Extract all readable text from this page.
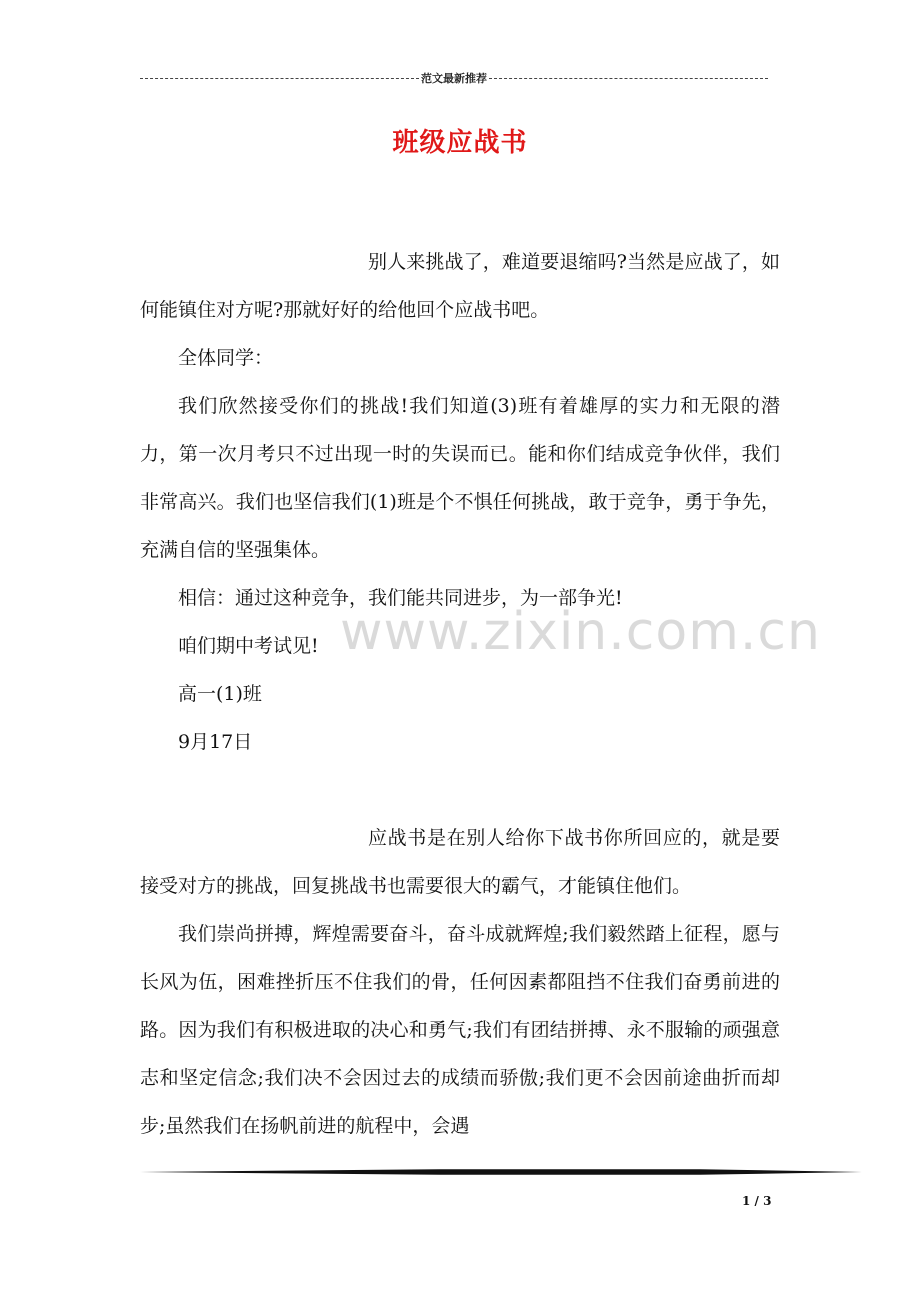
范文最新推荐
班级应战书

别人来挑战了，难道要退缩吗?当然是应战了，如何能镇住对方呢?那就好好的给他回个应战书吧。

全体同学：

我们欣然接受你们的挑战!我们知道(3)班有着雄厚的实力和无限的潜力，第一次月考只不过出现一时的失误而已。能和你们结成竞争伙伴，我们非常高兴。我们也坚信我们(1)班是个不惧任何挑战，敢于竞争，勇于争先，充满自信的坚强集体。

相信：通过这种竞争，我们能共同进步，为一部争光!

咱们期中考试见!

高一(1)班

9月17日

应战书是在别人给你下战书你所回应的，就是要接受对方的挑战，回复挑战书也需要很大的霸气，才能镇住他们。

我们崇尚拼搏，辉煌需要奋斗，奋斗成就辉煌;我们毅然踏上征程，愿与长风为伍，困难挫折压不住我们的骨，任何因素都阻挡不住我们奋勇前进的路。因为我们有积极进取的决心和勇气;我们有团结拼搏、永不服输的顽强意志和坚定信念;我们决不会因过去的成绩而骄傲;我们更不会因前途曲折而却步;虽然我们在扬帆前进的航程中，会遇

www.zixin.com.cn
1 / 3
